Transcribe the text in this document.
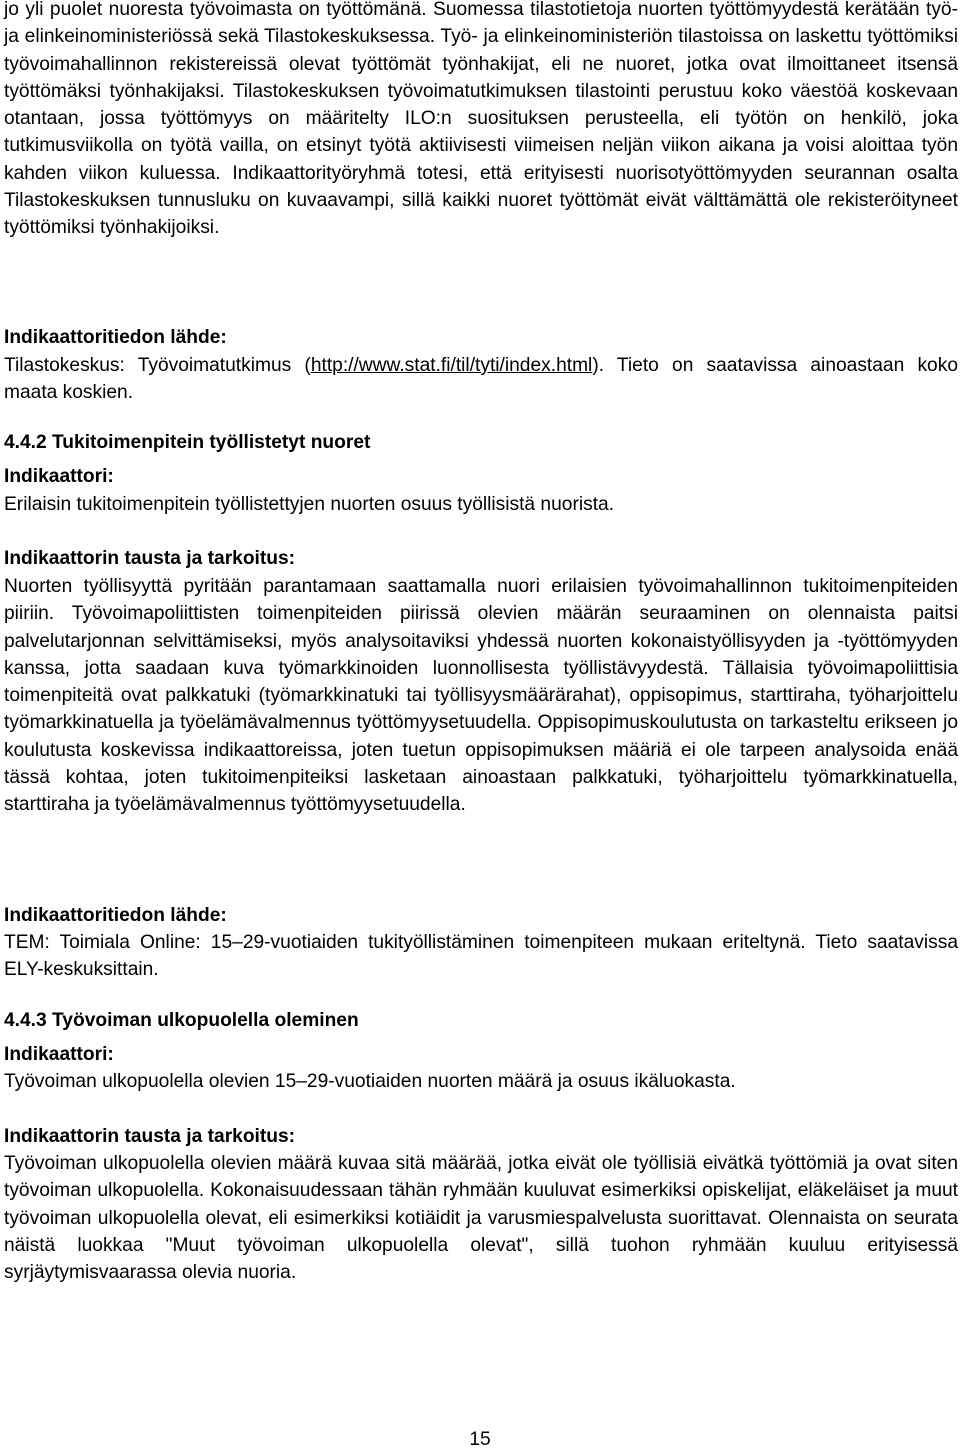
jo yli puolet nuoresta työvoimasta on työttömänä. Suomessa tilastotietoja nuorten työttömyydestä kerätään työ- ja elinkeinoministeriössä sekä Tilastokeskuksessa. Työ- ja elinkeinoministeriön tilastoissa on laskettu työttömiksi työvoimahallinnon rekistereissä olevat työttömät työnhakijat, eli ne nuoret, jotka ovat ilmoittaneet itsensä työttömäksi työnhakijaksi. Tilastokeskuksen työvoimatutkimuksen tilastointi perustuu koko väestöä koskevaan otantaan, jossa työttömyys on määritelty ILO:n suosituksen perusteella, eli työtön on henkilö, joka tutkimusviikolla on työtä vailla, on etsinyt työtä aktiivisesti viimeisen neljän viikon aikana ja voisi aloittaa työn kahden viikon kuluessa. Indikaattorityöryhmä totesi, että erityisesti nuorisotyöttömyyden seurannan osalta Tilastokeskuksen tunnusluku on kuvaavampi, sillä kaikki nuoret työttömät eivät välttämättä ole rekisteröityneet työttömiksi työnhakijoiksi.

Indikaattoritiedon lähde:

Tilastokeskus: Työvoimatutkimus (http://www.stat.fi/til/tyti/index.html). Tieto on saatavissa ainoastaan koko maata koskien.

4.4.2 Tukitoimenpitein työllistetyt nuoret

Indikaattori:

Erilaisin tukitoimenpitein työllistettyjen nuorten osuus työllisistä nuorista.

Indikaattorin tausta ja tarkoitus:

Nuorten työllisyyttä pyritään parantamaan saattamalla nuori erilaisien työvoimahallinnon tukitoimenpiteiden piiriin. Työvoimapoliittisten toimenpiteiden piirissä olevien määrän seuraaminen on olennaista paitsi palvelutarjonnan selvittämiseksi, myös analysoitaviksi yhdessä nuorten kokonaistyöllisyyden ja -työttömyyden kanssa, jotta saadaan kuva työmarkkinoiden luonnollisesta työllistävyydestä. Tällaisia työvoimapoliittisia toimenpiteitä ovat palkkatuki (työmarkkinatuki tai työllisyysmäärärahat), oppisopimus, starttiraha, työharjoittelu työmarkkinatuella ja työelämävalmennus työttömyysetuudella. Oppisopimuskoulutusta on tarkasteltu erikseen jo koulutusta koskevissa indikaattoreissa, joten tuetun oppisopimuksen määriä ei ole tarpeen analysoida enää tässä kohtaa, joten tukitoimenpiteiksi lasketaan ainoastaan palkkatuki, työharjoittelu työmarkkinatuella, starttiraha ja työelämävalmennus työttömyysetuudella.

Indikaattoritiedon lähde:

TEM: Toimiala Online: 15–29-vuotiaiden tukityöllistäminen toimenpiteen mukaan eriteltynä. Tieto saatavissa ELY-keskuksittain.

4.4.3 Työvoiman ulkopuolella oleminen

Indikaattori:

Työvoiman ulkopuolella olevien 15–29-vuotiaiden nuorten määrä ja osuus ikäluokasta.

Indikaattorin tausta ja tarkoitus:

Työvoiman ulkopuolella olevien määrä kuvaa sitä määrää, jotka eivät ole työllisiä eivätkä työttömiä ja ovat siten työvoiman ulkopuolella. Kokonaisuudessaan tähän ryhmään kuuluvat esimerkiksi opiskelijat, eläkeläiset ja muut työvoiman ulkopuolella olevat, eli esimerkiksi kotiäidit ja varusmiespalvelusta suorittavat. Olennaista on seurata näistä luokkaa "Muut työvoiman ulkopuolella olevat", sillä tuohon ryhmään kuuluu erityisessä syrjäytymisvaarassa olevia nuoria.

15
